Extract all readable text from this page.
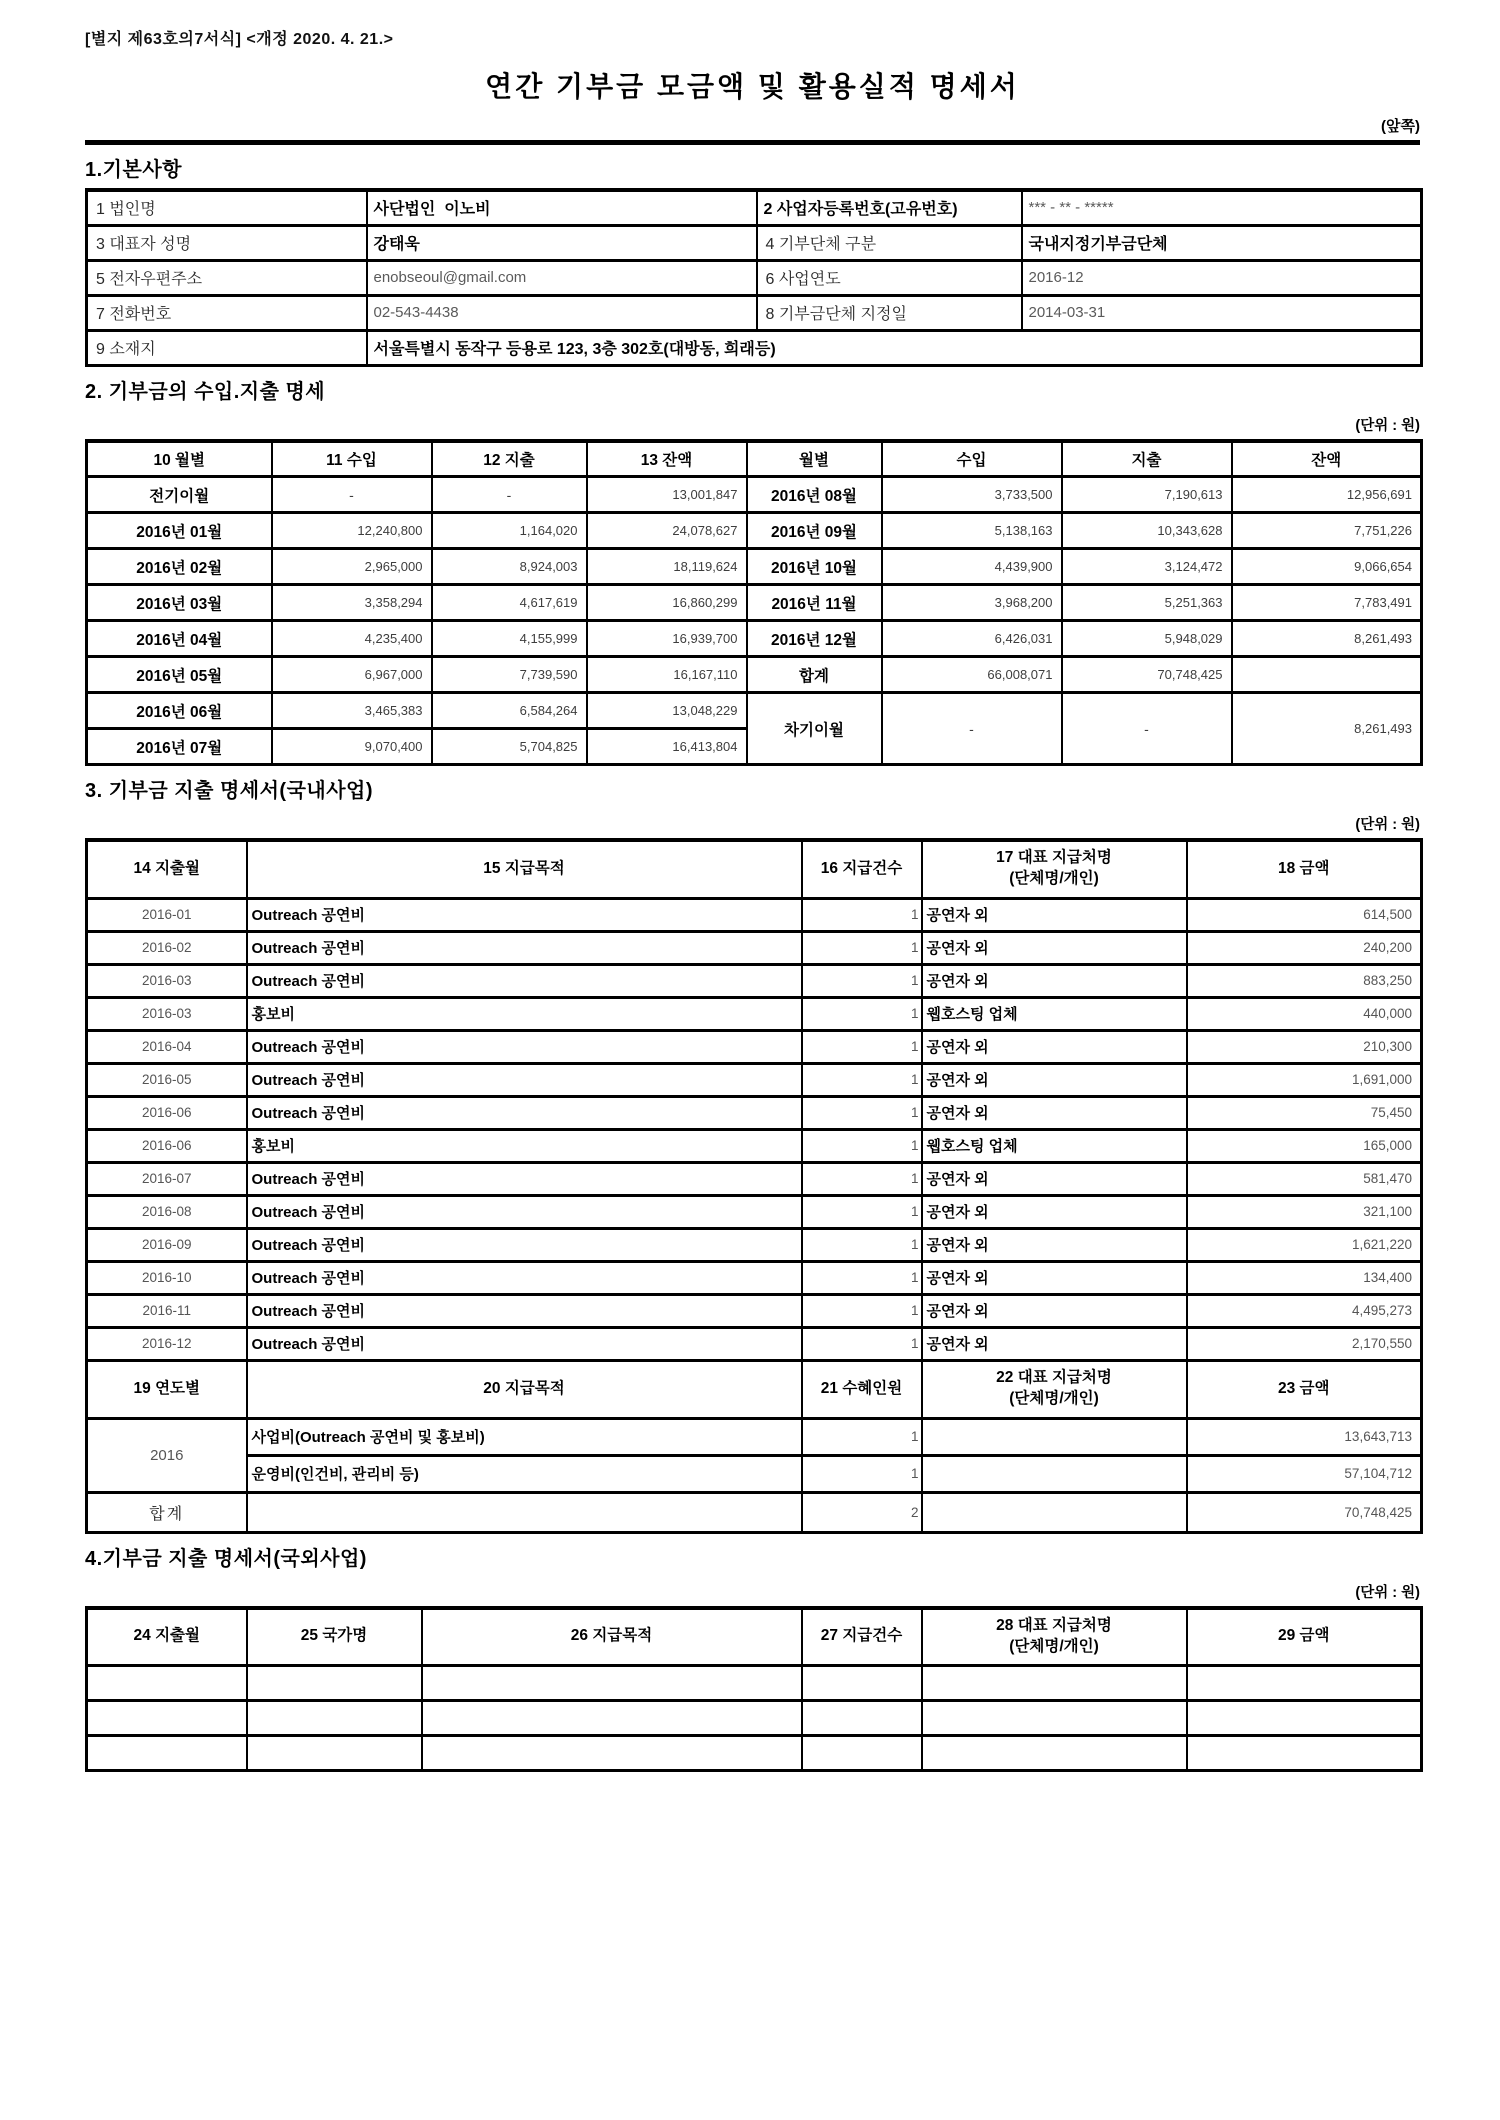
[별지 제63호의7서식] <개정 2020. 4. 21.>
연간 기부금 모금액 및 활용실적 명세서
(앞쪽)
1.기본사항
1 법인명	사단법인  이노비	2 사업자등록번호(고유번호)	*** - ** - *****
3 대표자 성명	강태욱	4 기부단체 구분	국내지정기부금단체
5 전자우편주소	enobseoul@gmail.com	6 사업연도	2016-12
7 전화번호	02-543-4438	8 기부금단체 지정일	2014-03-31
9 소재지	서울특별시 동작구 등용로 123, 3층 302호(대방동, 희래등)		
2. 기부금의 수입.지출 명세
(단위 : 원)
10 월별	11 수입	12 지출	13 잔액	월별	수입	지출	잔액
전기이월	-	-	13,001,847	2016년 08월	3,733,500	7,190,613	12,956,691
2016년 01월	12,240,800	1,164,020	24,078,627	2016년 09월	5,138,163	10,343,628	7,751,226
2016년 02월	2,965,000	8,924,003	18,119,624	2016년 10월	4,439,900	3,124,472	9,066,654
2016년 03월	3,358,294	4,617,619	16,860,299	2016년 11월	3,968,200	5,251,363	7,783,491
2016년 04월	4,235,400	4,155,999	16,939,700	2016년 12월	6,426,031	5,948,029	8,261,493
2016년 05월	6,967,000	7,739,590	16,167,110	합계	66,008,071	70,748,425	
2016년 06월	3,465,383	6,584,264	13,048,229	차기이월	-	-	8,261,493
2016년 07월	9,070,400	5,704,825	16,413,804				
3. 기부금 지출 명세서(국내사업)
(단위 : 원)
14 지출월	15 지급목적	16 지급건수	17 대표 지급처명
(단체명/개인)	18 금액
2016-01	Outreach 공연비	1	공연자 외	614,500
2016-02	Outreach 공연비	1	공연자 외	240,200
2016-03	Outreach 공연비	1	공연자 외	883,250
2016-03	홍보비	1	웹호스팅 업체	440,000
2016-04	Outreach 공연비	1	공연자 외	210,300
2016-05	Outreach 공연비	1	공연자 외	1,691,000
2016-06	Outreach 공연비	1	공연자 외	75,450
2016-06	홍보비	1	웹호스팅 업체	165,000
2016-07	Outreach 공연비	1	공연자 외	581,470
2016-08	Outreach 공연비	1	공연자 외	321,100
2016-09	Outreach 공연비	1	공연자 외	1,621,220
2016-10	Outreach 공연비	1	공연자 외	134,400
2016-11	Outreach 공연비	1	공연자 외	4,495,273
2016-12	Outreach 공연비	1	공연자 외	2,170,550
19 연도별	20 지급목적	21 수혜인원	22 대표 지급처명
(단체명/개인)	23 금액
2016	사업비(Outreach 공연비 및 홍보비)	1		13,643,713
	운영비(인건비, 관리비 등)	1		57,104,712
합계		2		70,748,425
4.기부금 지출 명세서(국외사업)
(단위 : 원)
24 지출월	25 국가명	26 지급목적	27 지급건수	28 대표 지급처명
(단체명/개인)	29 금액
